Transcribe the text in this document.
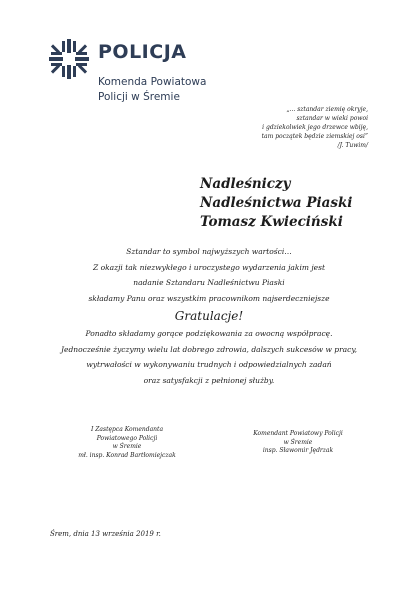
POLICJA
Komenda Powiatowa
Policji w Śremie
„... sztandar ziemię okryje,
sztandar w wieki powoi
i gdziekolwiek jego drzewce wbiję,
tam początek będzie ziemskiej osi”
/J. Tuwim/
Nadleśniczy
Nadleśnictwa Piaski
Tomasz Kwieciński
Sztandar to symbol najwyższych wartości…
Z okazji tak niezwykłego i uroczystego wydarzenia jakim jest
nadanie Sztandaru Nadleśnictwu Piaski
składamy Panu oraz wszystkim pracownikom najserdeczniejsze
Gratulacje!
Ponadto składamy gorące podziękowania za owocną współpracę.
Jednocześnie życzymy wielu lat dobrego zdrowia, dalszych sukcesów w pracy,
wytrwałości w wykonywaniu trudnych i odpowiedzialnych zadań
oraz satysfakcji z pełnionej służby.
I Zastępca Komendanta
Powiatowego Policji
w Śremie
mł. insp. Konrad Bartłomiejczak
Komendant Powiatowy Policji
w Śremie
insp. Sławomir Jędrzak
Śrem, dnia 13 września 2019 r.
